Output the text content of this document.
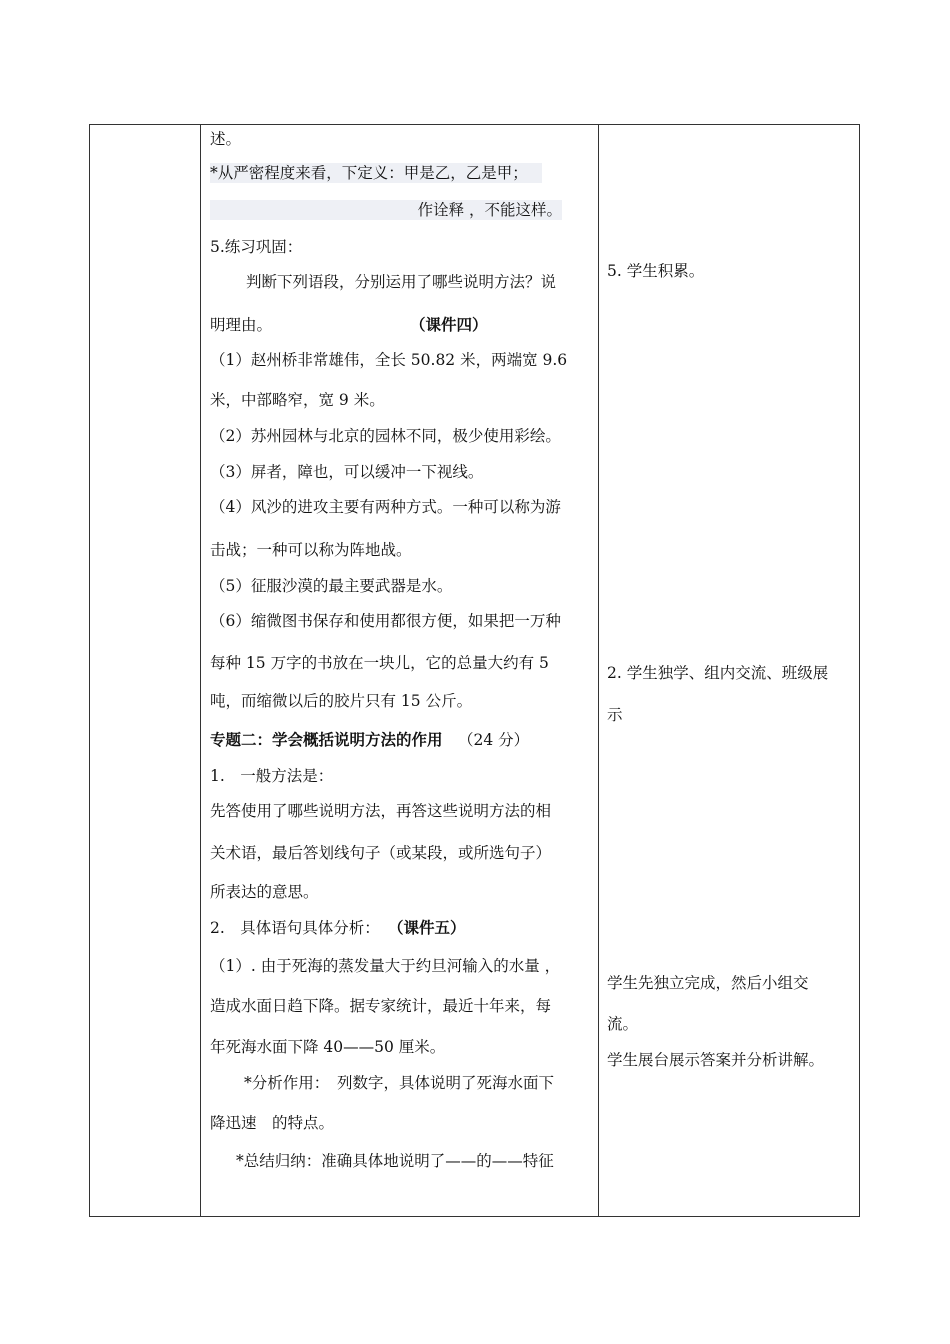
述。
*从严密程度来看，下定义：甲是乙，乙是甲；
作诠释 ，不能这样。
5.练习巩固：
判断下列语段，分别运用了哪些说明方法？说
明理由。	（课件四）
（1）赵州桥非常雄伟，全长 50.82 米，两端宽 9.6
米，中部略窄，宽 9 米。
（2）苏州园林与北京的园林不同，极少使用彩绘。
（3）屏者，障也，可以缓冲一下视线。
（4）风沙的进攻主要有两种方式。一种可以称为游
击战；一种可以称为阵地战。
（5）征服沙漠的最主要武器是水。
（6）缩微图书保存和使用都很方便，如果把一万种
每种 15 万字的书放在一块儿，它的总量大约有 5
吨，而缩微以后的胶片只有 15 公斤。
专题二：学会概括说明方法的作用 （24 分）
1.　一般方法是：
先答使用了哪些说明方法，再答这些说明方法的相
关术语，最后答划线句子（或某段，或所选句子）
所表达的意思。
2.　具体语句具体分析： （课件五）
（1）. 由于死海的蒸发量大于约旦河输入的水量 ，
造成水面日趋下降。据专家统计，最近十年来，每
年死海水面下降 40——50 厘米。
*分析作用：　列数字，具体说明了死海水面下
降迅速　的特点。
*总结归纳：准确具体地说明了——的——特征
5. 学生积累。
2. 学生独学、组内交流、班级展
示
学生先独立完成，然后小组交
流。
学生展台展示答案并分析讲解。
